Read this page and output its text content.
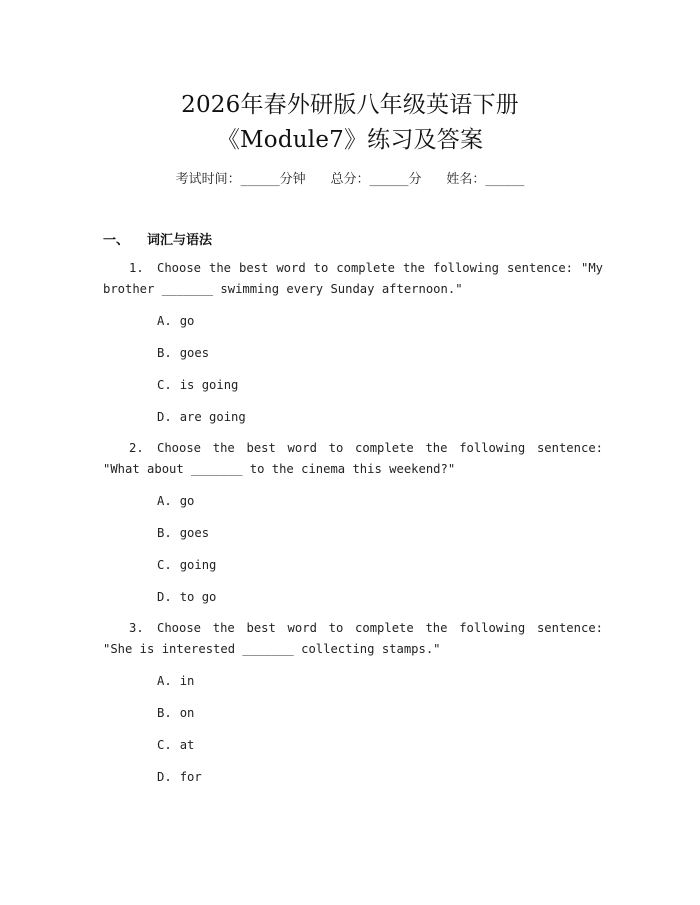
2026年春外研版八年级英语下册
《Module7》练习及答案
考试时间：______分钟 总分：______分 姓名：______
一、 词汇与语法
1. Choose the best word to complete the following sentence: "My brother _______ swimming every Sunday afternoon."
A. go
B. goes
C. is going
D. are going
2. Choose the best word to complete the following sentence: "What about _______ to the cinema this weekend?"
A. go
B. goes
C. going
D. to go
3. Choose the best word to complete the following sentence: "She is interested _______ collecting stamps."
A. in
B. on
C. at
D. for
